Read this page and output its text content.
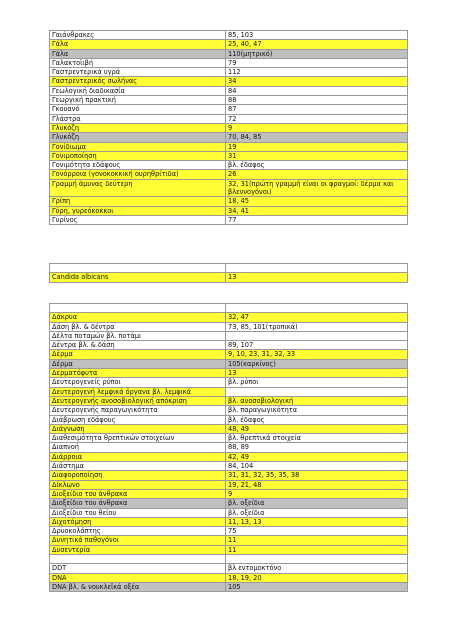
Γαιάνθρακες	85, 103
Γάλα	25, 40, 47
Γάλα	110(μητρικό)
Γαλακτοϊιβή	79
Γαστρεντερικά υγρά	112
Γαστρεντερικός σωλήνας	34
Γεωλογική διαδικασία	84
Γεωργική πρακτική	88
Γκουανό	87
Γλάστρα	72
Γλυκόζη	9
Γλυκόζη	70, 84, 85
Γονίδιωμα	19
Γονιμοποίηση	31
Γονιμότητα εδάφους	βλ. έδαφος
Γονόρροια (γονοκοκκική ουρηθρίτιδα)	26
Γραμμή άμυνας δεύτερη	32, 31(πρώτη γραμμή είναι οι φραγμοί: δέρμα και βλεννογόνοι)
Γρίπη	18, 45
Γύρη, γυρεόκοκκοι	34, 41
Γυρίνος	77

Candida albicans	13

Δάκρυα	32, 47
Δάση βλ. & δέντρα	73, 85, 101(τροπικά)
Δέλτα ποταμών βλ. ποτάμι	
Δέντρα βλ. & δάση	89, 107
Δέρμα	9, 10, 23, 31, 32, 33
Δέρμα	105(καρκίνος)
Δερματόφυτα	13
Δευτερογενείς ρύποι	βλ. ρύποι
Δευτερογενή λεμφικά όργανα βλ. λεμφικά	
Δευτερογενής ανοσοβιολογική απόκριση	βλ. ανοσοβιολογική
Δευτερογενής παραγωγικότητα	βλ. παραγωγικότητα
Διάβρωση εδάφους	βλ. έδαφος
Διάγνωση	48, 49
Διαθεσιμότητα θρεπτικών στοιχείων	βλ. θρεπτικά στοιχεία
Διαπνοή	88, 89
Διάρροια	42, 49
Διάστημα	84, 104
Διαφοροποίηση	31, 31, 32, 35, 35, 38
Δίκλωνο	19, 21, 48
Διοξείδιο του άνθρακα	9
Διοξείδιο του άνθρακα	βλ. οξείδια
Διοξείδιο του θείου	βλ. οξείδια
Διχοτόμηση	11, 13, 13
Δρυοκολάπτης	75
Δυνητικά παθογόνοι	11
Δυσεντερία	11

DDT	βλ εντομοκτόνο
DNA	18, 19, 20
DNA βλ. & νουκλεϊκά οξέα	105
